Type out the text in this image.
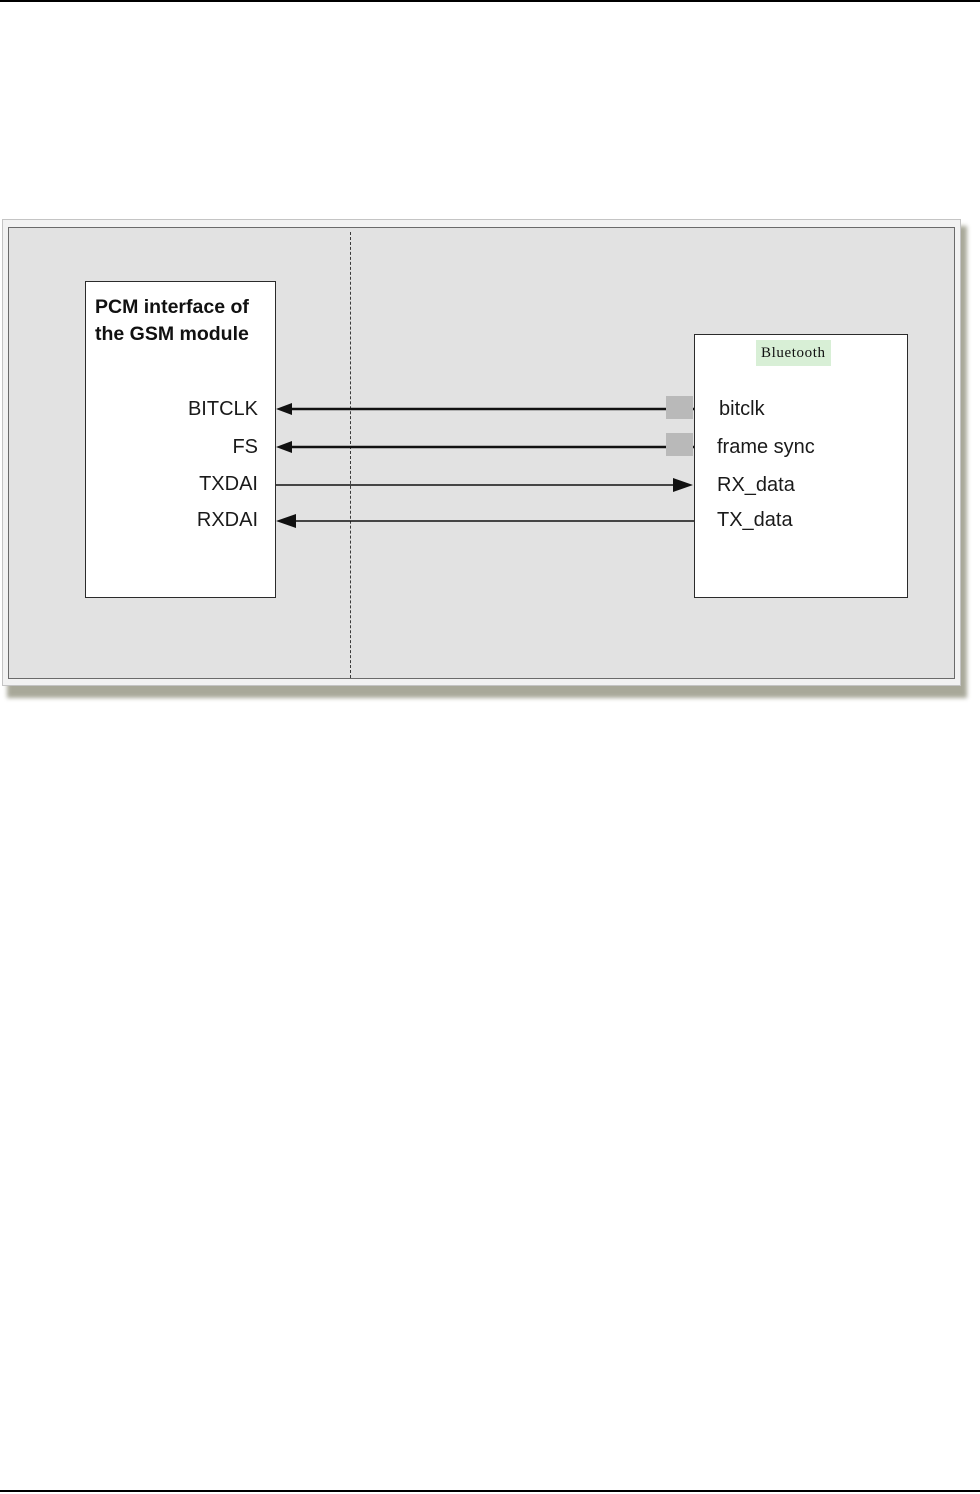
PCM interface of
the GSM module
BITCLK
FS
TXDAI
RXDAI
Bluetooth
bitclk
frame sync
RX_data
TX_data
